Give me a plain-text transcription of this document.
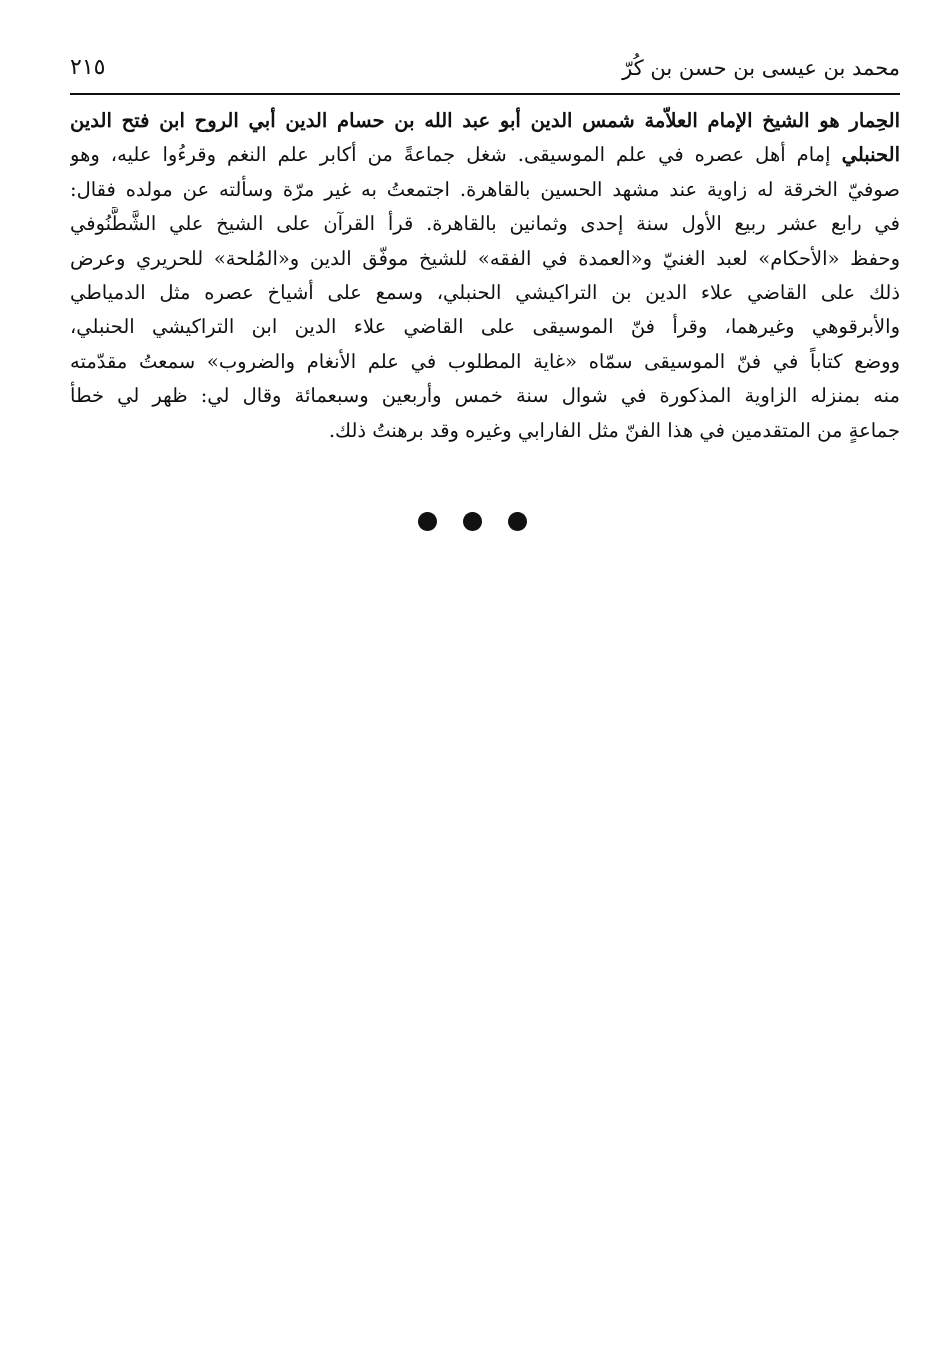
محمد بن عيسى بن حسن بن كُرّ
٢١٥
الحِمار هو الشيخ الإمام العلاّمة شمس الدين أبو عبد الله بن حسام الدين أبي الروح ابن فتح الدين
الحنبلي إمام أهل عصره في علم الموسيقى. شغل جماعةً من أكابر علم النغم وقرءُوا عليه، وهو
صوفيّ الخرقة له زاوية عند مشهد الحسين بالقاهرة. اجتمعتُ به غير مرّة وسألته عن مولده فقال:
في رابع عشر ربيع الأول سنة إحدى وثمانين بالقاهرة. قرأ القرآن على الشيخ علي الشَّطَّنُوفي
وحفظ «الأحكام» لعبد الغنيّ و«العمدة في الفقه» للشيخ موفّق الدين و«المُلحة» للحريري وعرض
ذلك على القاضي علاء الدين بن التراكيشي الحنبلي، وسمع على أشياخ عصره مثل الدمياطي
والأبرقوهي وغيرهما، وقرأ فنّ الموسيقى على القاضي علاء الدين ابن التراكيشي الحنبلي،
ووضع كتاباً في فنّ الموسيقى سمّاه «غاية المطلوب في علم الأنغام والضروب» سمعتُ مقدّمته
منه بمنزله الزاوية المذكورة في شوال سنة خمس وأربعين وسبعمائة وقال لي: ظهر لي خطأ
جماعةٍ من المتقدمين في هذا الفنّ مثل الفارابي وغيره وقد برهنتُ ذلك.
